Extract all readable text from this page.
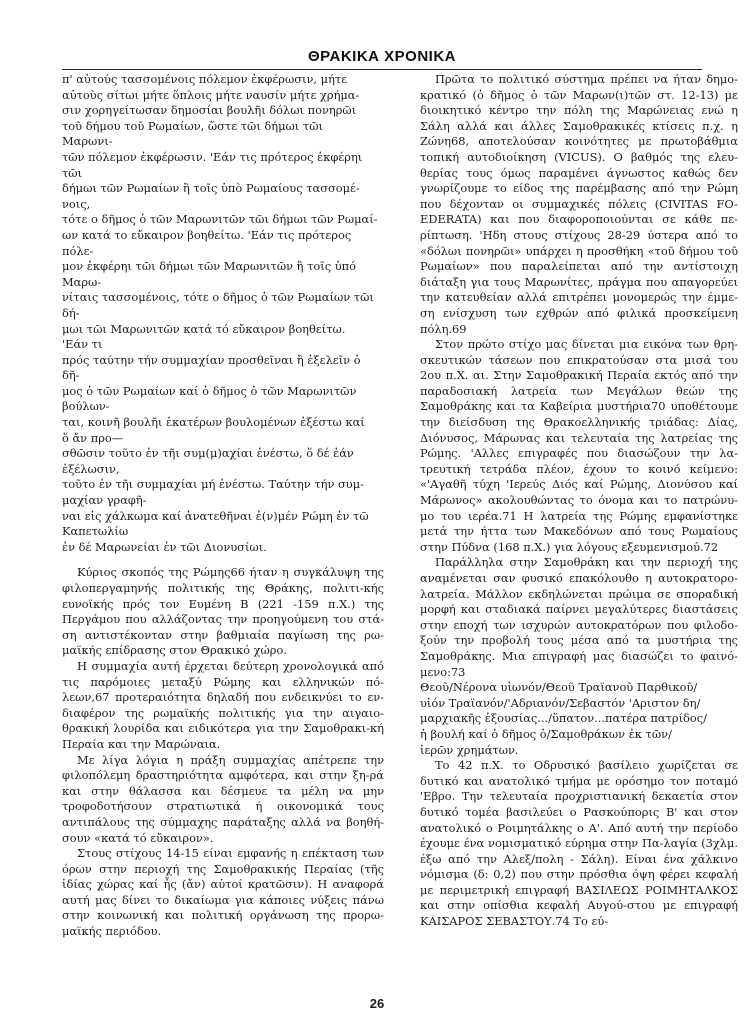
ΘΡΑΚΙΚΑ ΧΡΟΝΙΚΑ

π' αὐτούς τασσομένοις πόλεμον ἐκφέρωσιν, μήτε

αὐτοὺς σίτωι μήτε ὅπλοις μήτε ναυσίν μήτε χρήμα-

σιν χορηγείτωσαν δημοσίαι βουλῆι δόλωι πονηρῶι

τοῦ δήμου τοῦ Ρωμαίων, ὥστε τῶι δήμωι τῶι

Μαρωνι-

τῶν πόλεμον ἐκφέρωσιν. 'Εάν τις πρότερος ἐκφέρηι

τῶι

δήμωι τῶν Ρωμαίων ἢ τοῖς ὑπὸ Ρωμαίους τασσομέ-

νοις,

τότε ο δῆμος ὁ τῶν Μαρωνιτῶν τῶι δήμωι τῶν Ρωμαί-

ων κατά το εὔκαιρον βοηθείτω. 'Εάν τις πρότερος

πόλε-

μον ἐκφέρηι τῶι δήμωι τῶν Μαρωνιτῶν ἢ τοῖς ὑπό

Μαρω-

νίταις τασσομένοις, τότε ο δῆμος ὁ τῶν Ρωμαίων τῶι

δή-

μωι τῶι Μαρωνιτῶν κατά τό εὔκαιρον βοηθείτω.

'Εάν τι

πρός ταύτην τήν συμμαχίαν προσθεῖναι ἢ ἐξελεῖν ὁ

δῆ-

μος ὁ τῶν Ρωμαίων καί ὁ δῆμος ὁ τῶν Μαρωνιτῶν

βούλων-

ται, κοινῆ βουλῆι ἑκατέρων βουλομένων ἐξέστω καί

ὅ ἄν προ—

σθῶσιν τοῦτο ἐν τῆι συμ(μ)αχίαι ἐνέστω, ὅ δέ ἐάν

ἐξέλωσιν,

τοῦτο ἐν τῆι συμμαχίαι μή ἐνέστω. Ταύτην τήν συμ-

μαχίαν γραφῆ-

ναι εἰς χάλκωμα καί ἀνατεθῆναι ἐ(ν)μέν Ρώμη ἐν τῶ

Καπετωλίω

ἐν δέ Μαρωνείαι ἐν τῶι Διονυσίωι.

Κύριος σκοπός της Ρώμης66 ήταν η συγκάλυψη της φιλοπεργαμηνής πολιτικής της Θράκης, πολιτι-κής ευνοϊκής πρός τον Ευμένη Β (221 -159 π.Χ.) της Περγάμου που αλλάζοντας την προηγούμενη του στά-ση αντιστέκονταν στην βαθμιαία παγίωση της ρω-μαϊκής επίδρασης στον Θρακικό χώρο.

Η συμμαχία αυτή έρχεται δεύτερη χρονολογικά από τις παρόμοιες μεταξύ Ρώμης και ελληνικών πό-λεων,67 προτεραιότητα δηλαδή που ενδεικνύει το εν-διαφέρον της ρωμαϊκής πολιτικής για την αιγαιο-θρακική λουρίδα και ειδικότερα για την Σαμοθρακι-κή Περαία και την Μαρώναια.

Με λίγα λόγια η πράξη συμμαχίας απέτρεπε την φιλοπόλεμη δραστηριότητα αμφότερα, και στην ξη-ρά και στην θάλασσα και δέσμευε τα μέλη να μην τροφοδοτήσουν στρατιωτικά ή οικονομικά τους αντιπάλους της σύμμαχης παράταξης αλλά να βοηθή-σουν «κατά τό εὔκαιρον».

Στους στίχους 14-15 είναι εμφανής η επέκταση των όρων στην περιοχή της Σαμοθρακικής Περαίας (τῆς ἰδίας χώρας καί ἧς (ἄν) αὐτοί κρατῶσιν). Η αναφορά αυτή μας δίνει το δικαίωμα για κάποιες νύξεις πάνω στην κοινωνική και πολιτική οργάνωση της προρω-μαϊκής περιόδου.

Πρῶτα το πολιτικό σύστημα πρέπει να ήταν δημο-κρατικό (ὁ δῆμος ὁ τῶν Μαρων(ι)τῶν στ. 12-13) με διοικητικό κέντρο την πόλη της Μαρώνειας ενώ η Σάλη αλλά και άλλες Σαμοθρακικές κτίσεις π.χ. η Ζώνη68, αποτελούσαν κοινότητες με πρωτοβάθμια τοπική αυτοδιοίκηση (VICUS). Ο βαθμός της ελευ-θερίας τους όμως παραμένει άγνωστος καθώς δεν γνωρίζουμε το είδος της παρέμβασης από την Ρώμη που δέχονταν οι συμμαχικές πόλεις (CIVITAS FO-EDERATA) και που διαφοροποιούνται σε κάθε πε-ρίπτωση. 'Ηδη στους στίχους 28-29 ύστερα από το «δόλωι πονηρῶι» υπάρχει η προσθήκη «τοῦ δήμου τοῦ Ρωμαίων» που παραλείπεται από την αντίστοιχη διάταξη για τους Μαρωνίτες, πράγμα που απαγορεύει την κατευθείαν αλλά επιτρέπει μονομερώς την έμμε-ση ενίσχυση των εχθρών από φιλικά προσκείμενη πόλη.69

Στον πρώτο στίχο μας δίνεται μια εικόνα των θρη-σκευτικών τάσεων που επικρατούσαν στα μισά του 2ου π.Χ. αι. Στην Σαμοθρακική Περαία εκτός από την παραδοσιακή λατρεία των Μεγάλων θεών της Σαμοθράκης και τα Καβείρια μυστήρια70 υποθέτουμε την διείσδυση της Θρακοελληνικής τριάδας: Δίας, Διόνυσος, Μάρωνας και τελευταία της λατρείας της Ρώμης. 'Αλλες επιγραφές που διασώζουν την λα-τρευτική τετράδα πλέον, έχουν το κοινό κείμενο: «'Αγαθῆ τύχη 'Ιερεύς Διός καί Ρώμης, Διονύσου καί Μάρωνος» ακολουθώντας το όνομα και το πατρώνυ-μο του ιερέα.71 Η λατρεία της Ρώμης εμφανίστηκε μετά την ήττα των Μακεδόνων από τους Ρωμαίους στην Πύδνα (168 π.Χ.) για λόγους εξευμενισμού.72

Παράλληλα στην Σαμοθράκη και την περιοχή της αναμένεται σαν φυσικό επακόλουθο η αυτοκρατορο-λατρεία. Μάλλον εκδηλώνεται πρώιμα σε σποραδική μορφή και σταδιακά παίρνει μεγαλύτερες διαστάσεις στην εποχή των ισχυρών αυτοκρατόρων που φιλοδο-ξούν την προβολή τους μέσα από τα μυστήρια της Σαμοθράκης. Μια επιγραφή μας διασώζει το φαινό-μενο:73

Θεοῦ/Νέρονα υἱωνόν/Θεοῦ Τραϊανοῦ Παρθικοῦ/

υἱόν Τραϊανόν/'Αδριανόν/Σεβαστόν 'Αριστον δη/

μαρχιακῆς ἐξουσίας.../ὕπατον...πατέρα πατρίδος/

ἡ βουλή καί ὁ δῆμος ὁ/Σαμοθράκων ἐκ τῶν/

ἱερῶν χρημάτων.

Το 42 π.Χ. το Οδρυσικό βασίλειο χωρίζεται σε δυτικό και ανατολικό τμήμα με ορόσημο τον ποταμό 'Εβρο. Την τελευταία προχριστιανική δεκαετία στον δυτικό τομέα βασιλεύει ο Ρασκούπορις Β' και στον ανατολικό ο Ροιμητάλκης ο Α'. Από αυτή την περίοδο έχουμε ένα νομισματικό εύρημα στην Πα-λαγία (3χλμ. έξω από την Αλεξ/πολη - Σάλη). Είναι ένα χάλκινο νόμισμα (δ: 0,2) που στην πρόσθια όψη φέρει κεφαλή με περιμετρική επιγραφή ΒΑΣΙΛΕΩΣ ΡΟΙΜΗΤΑΛΚΟΣ και στην οπίσθια κεφαλή Αυγού-στου με επιγραφή ΚΑΙΣΑΡΟΣ ΣΕΒΑΣΤΟΥ.74 Το εύ-

26
